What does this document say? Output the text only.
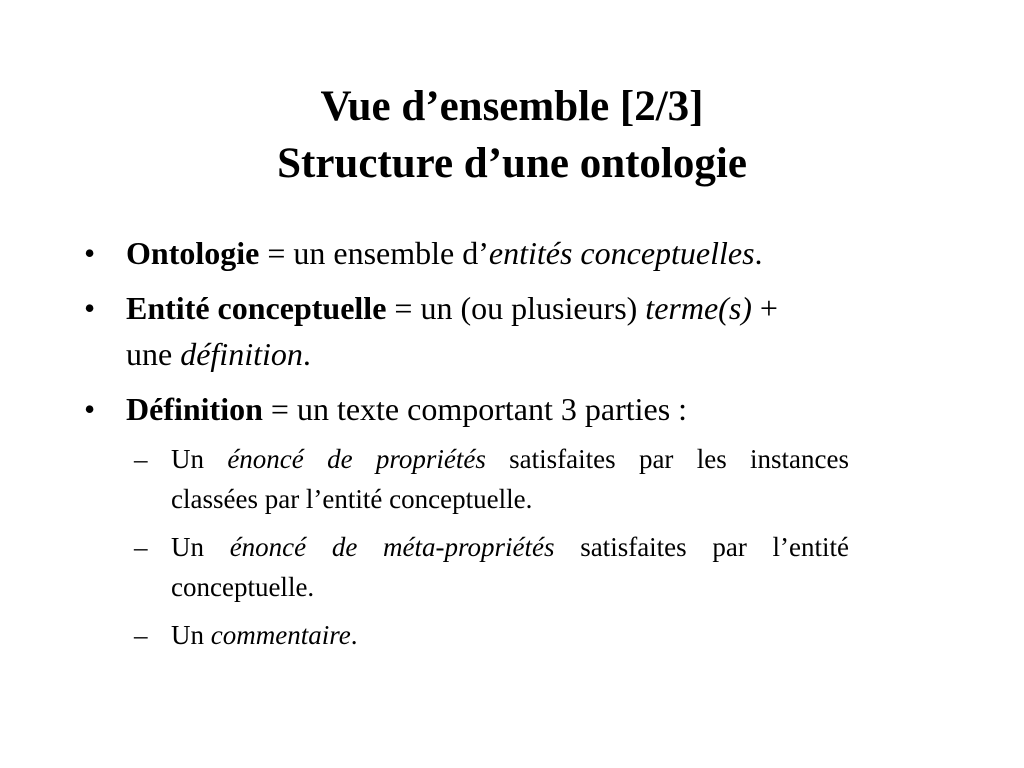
Vue d’ensemble [2/3]
Structure d’une ontologie
• Ontologie = un ensemble d’entités conceptuelles.
• Entité conceptuelle = un (ou plusieurs) terme(s) +
une définition.
• Définition = un texte comportant 3 parties :
– Un énoncé de propriétés satisfaites par les instances
classées par l’entité conceptuelle.
– Un énoncé de méta-propriétés satisfaites par l’entité
conceptuelle.
– Un commentaire.
